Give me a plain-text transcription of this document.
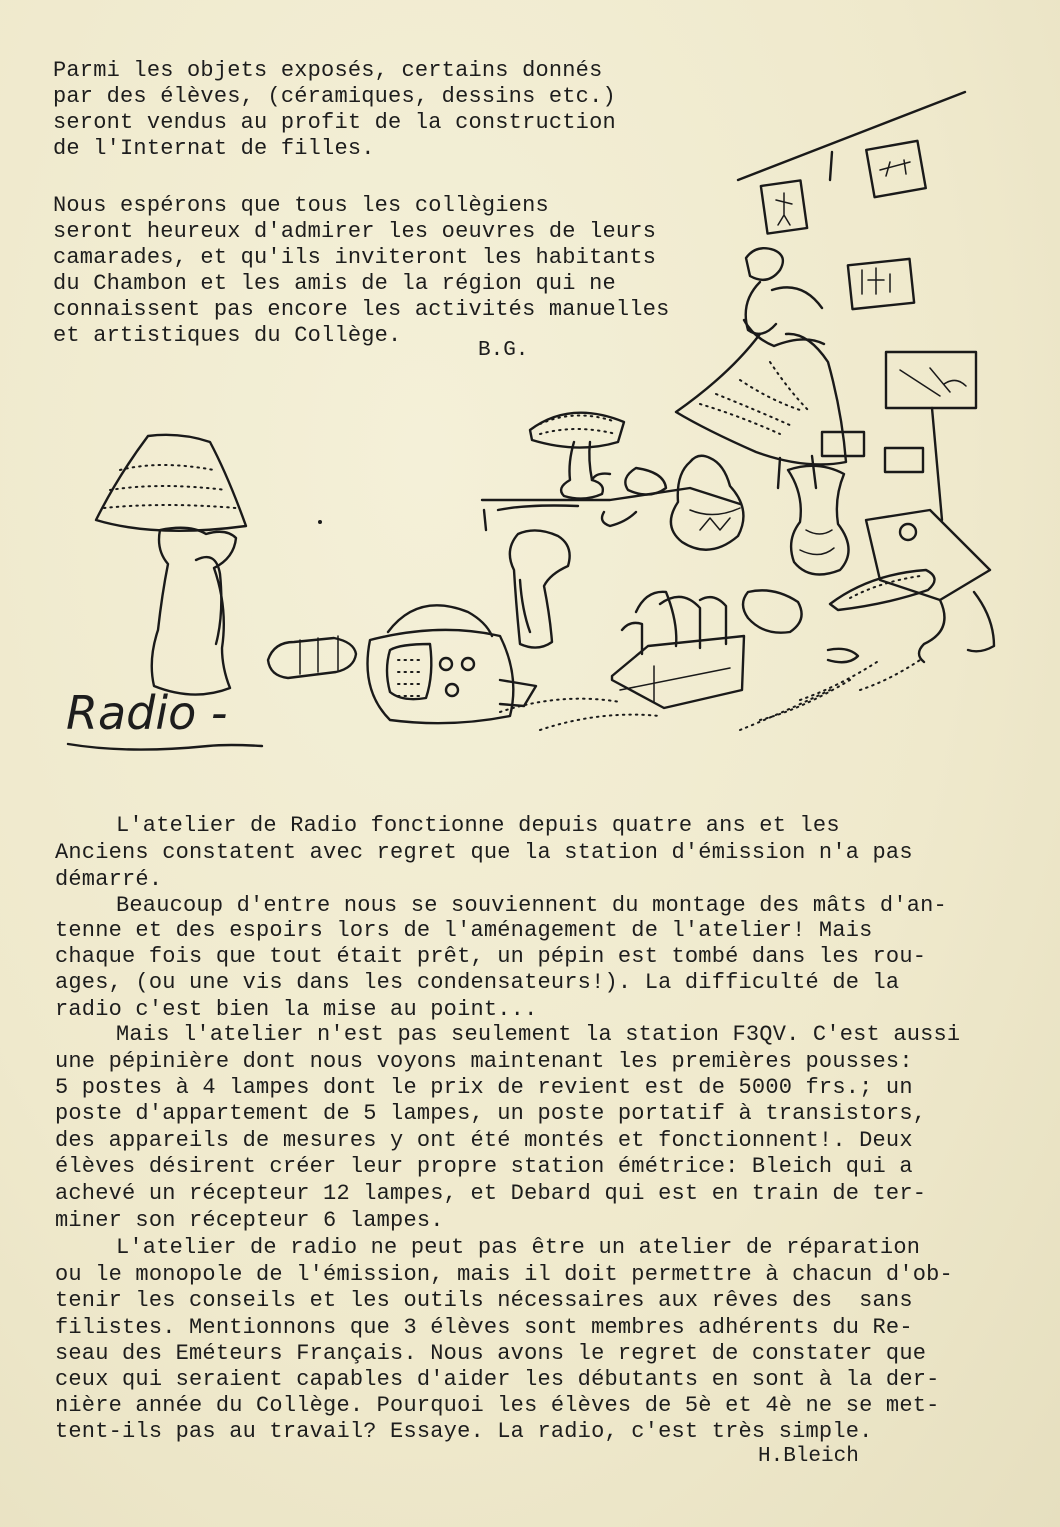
Parmi les objets exposés, certains donnés
par des élèves, (céramiques, dessins etc.)
seront vendus au profit de la construction
de l'Internat de filles.
Nous espérons que tous les collègiens
seront heureux d'admirer les oeuvres de leurs
camarades, et qu'ils inviteront les habitants
du Chambon et les amis de la région qui ne
connaissent pas encore les activités manuelles
et artistiques du Collège.
B.G.
Radio -
L'atelier de Radio fonctionne depuis quatre ans et les
Anciens constatent avec regret que la station d'émission n'a pas
démarré.
Beaucoup d'entre nous se souviennent du montage des mâts d'an-
tenne et des espoirs lors de l'aménagement de l'atelier! Mais
chaque fois que tout était prêt, un pépin est tombé dans les rou-
ages, (ou une vis dans les condensateurs!). La difficulté de la
radio c'est bien la mise au point...
Mais l'atelier n'est pas seulement la station F3QV. C'est aussi
une pépinière dont nous voyons maintenant les premières pousses:
5 postes à 4 lampes dont le prix de revient est de 5000 frs.; un
poste d'appartement de 5 lampes, un poste portatif à transistors,
des appareils de mesures y ont été montés et fonctionnent!. Deux
élèves désirent créer leur propre station émétrice: Bleich qui a
achevé un récepteur 12 lampes, et Debard qui est en train de ter-
miner son récepteur 6 lampes.
L'atelier de radio ne peut pas être un atelier de réparation
ou le monopole de l'émission, mais il doit permettre à chacun d'ob-
tenir les conseils et les outils nécessaires aux rêves des  sans
filistes. Mentionnons que 3 élèves sont membres adhérents du Re-
seau des Eméteurs Français. Nous avons le regret de constater que
ceux qui seraient capables d'aider les débutants en sont à la der-
nière année du Collège. Pourquoi les élèves de 5è et 4è ne se met-
tent-ils pas au travail? Essaye. La radio, c'est très simple.
H.Bleich
